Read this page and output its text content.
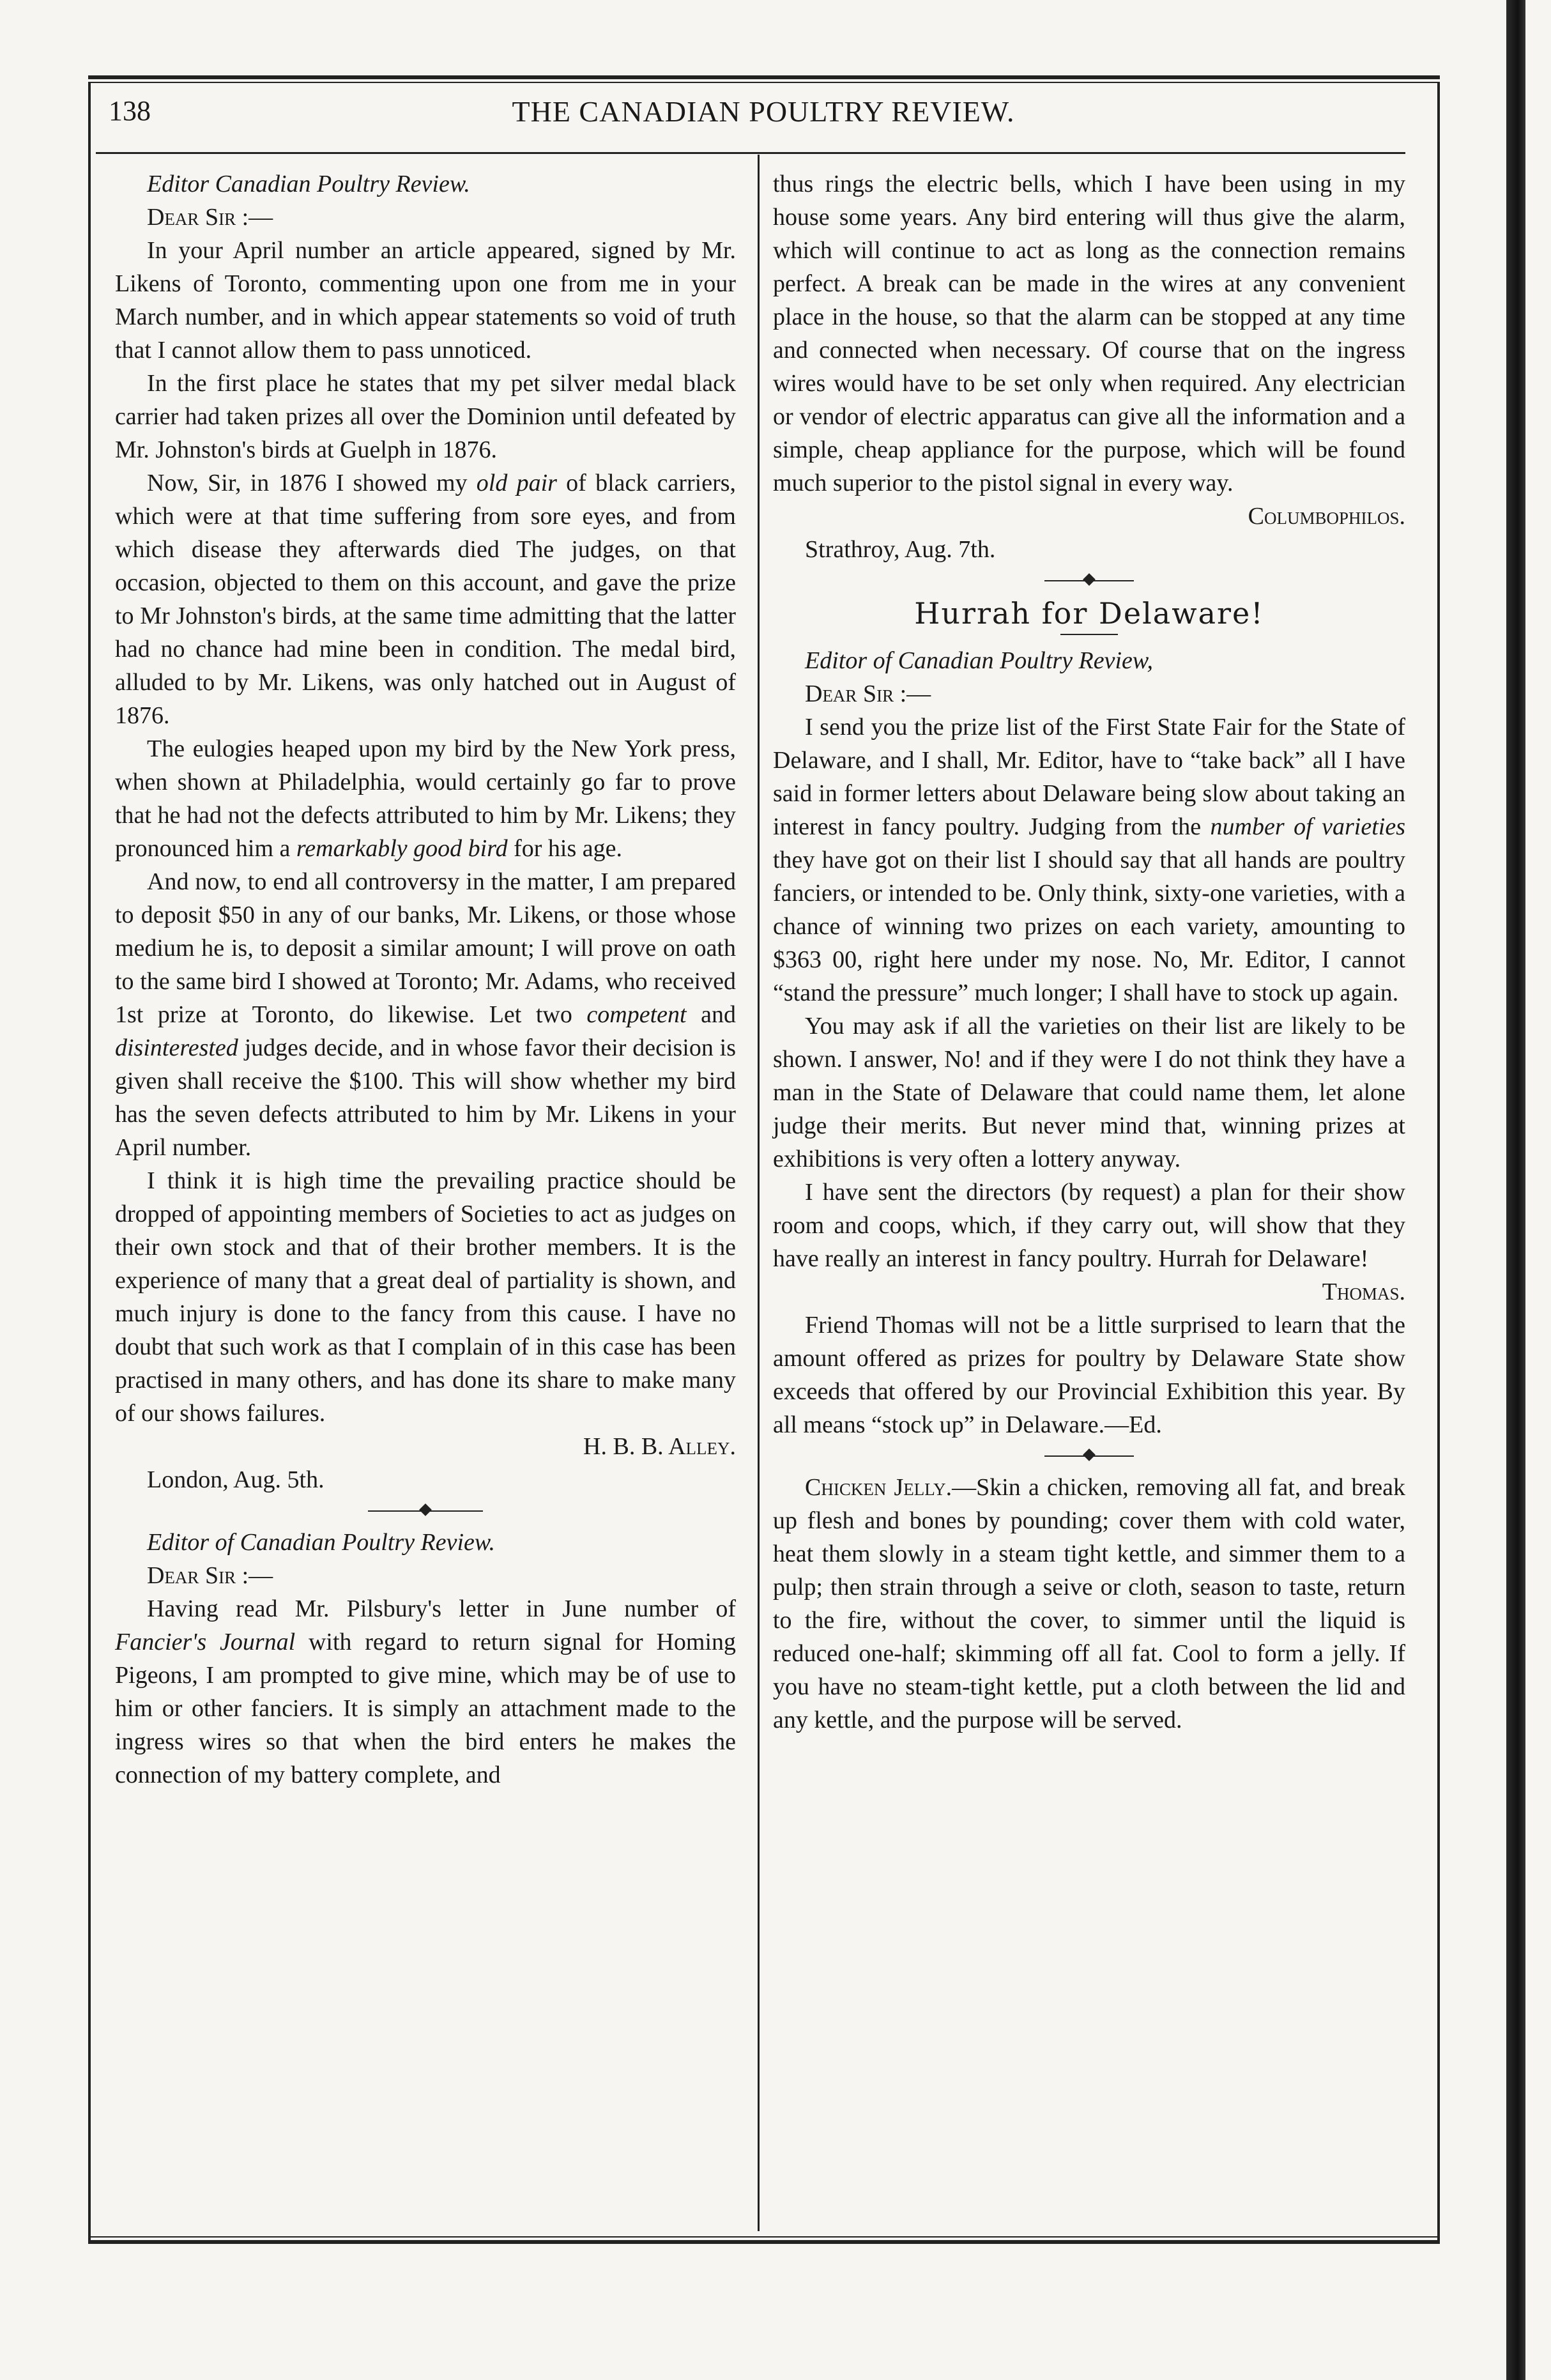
138	THE CANADIAN POULTRY REVIEW.

Editor Canadian Poultry Review.

Dear Sir :—

In your April number an article appeared, signed by Mr. Likens of Toronto, commenting upon one from me in your March number, and in which appear statements so void of truth that I cannot allow them to pass unnoticed.

In the first place he states that my pet silver medal black carrier had taken prizes all over the Dominion until defeated by Mr. Johnston's birds at Guelph in 1876.

Now, Sir, in 1876 I showed my old pair of black carriers, which were at that time suffering from sore eyes, and from which disease they afterwards died The judges, on that occasion, objected to them on this account, and gave the prize to Mr Johnston's birds, at the same time admitting that the latter had no chance had mine been in condition. The medal bird, alluded to by Mr. Likens, was only hatched out in August of 1876.

The eulogies heaped upon my bird by the New York press, when shown at Philadelphia, would certainly go far to prove that he had not the defects attributed to him by Mr. Likens; they pronounced him a remarkably good bird for his age.

And now, to end all controversy in the matter, I am prepared to deposit $50 in any of our banks, Mr. Likens, or those whose medium he is, to deposit a similar amount; I will prove on oath to the same bird I showed at Toronto; Mr. Adams, who received 1st prize at Toronto, do likewise. Let two competent and disinterested judges decide, and in whose favor their decision is given shall receive the $100. This will show whether my bird has the seven defects attributed to him by Mr. Likens in your April number.

I think it is high time the prevailing practice should be dropped of appointing members of Societies to act as judges on their own stock and that of their brother members. It is the experience of many that a great deal of partiality is shown, and much injury is done to the fancy from this cause. I have no doubt that such work as that I complain of in this case has been practised in many others, and has done its share to make many of our shows failures.

H. B. B. Alley.

London, Aug. 5th.

Editor of Canadian Poultry Review.

Dear Sir :—

Having read Mr. Pilsbury's letter in June number of Fancier's Journal with regard to return signal for Homing Pigeons, I am prompted to give mine, which may be of use to him or other fanciers. It is simply an attachment made to the ingress wires so that when the bird enters he makes the connection of my battery complete, and

thus rings the electric bells, which I have been using in my house some years. Any bird entering will thus give the alarm, which will continue to act as long as the connection remains perfect. A break can be made in the wires at any convenient place in the house, so that the alarm can be stopped at any time and connected when necessary. Of course that on the ingress wires would have to be set only when required. Any electrician or vendor of electric apparatus can give all the information and a simple, cheap appliance for the purpose, which will be found much superior to the pistol signal in every way.

Columbophilos.

Strathroy, Aug. 7th.

Hurrah for Delaware!

Editor of Canadian Poultry Review,

Dear Sir :—

I send you the prize list of the First State Fair for the State of Delaware, and I shall, Mr. Editor, have to “take back” all I have said in former letters about Delaware being slow about taking an interest in fancy poultry. Judging from the number of varieties they have got on their list I should say that all hands are poultry fanciers, or intended to be. Only think, sixty-one varieties, with a chance of winning two prizes on each variety, amounting to $363 00, right here under my nose. No, Mr. Editor, I cannot “stand the pressure” much longer; I shall have to stock up again.

You may ask if all the varieties on their list are likely to be shown. I answer, No! and if they were I do not think they have a man in the State of Delaware that could name them, let alone judge their merits. But never mind that, winning prizes at exhibitions is very often a lottery anyway.

I have sent the directors (by request) a plan for their show room and coops, which, if they carry out, will show that they have really an interest in fancy poultry. Hurrah for Delaware!

Thomas.

Friend Thomas will not be a little surprised to learn that the amount offered as prizes for poultry by Delaware State show exceeds that offered by our Provincial Exhibition this year. By all means “stock up” in Delaware.—Ed.

Chicken Jelly.—Skin a chicken, removing all fat, and break up flesh and bones by pounding; cover them with cold water, heat them slowly in a steam tight kettle, and simmer them to a pulp; then strain through a seive or cloth, season to taste, return to the fire, without the cover, to simmer until the liquid is reduced one-half; skimming off all fat. Cool to form a jelly. If you have no steam-tight kettle, put a cloth between the lid and any kettle, and the purpose will be served.
